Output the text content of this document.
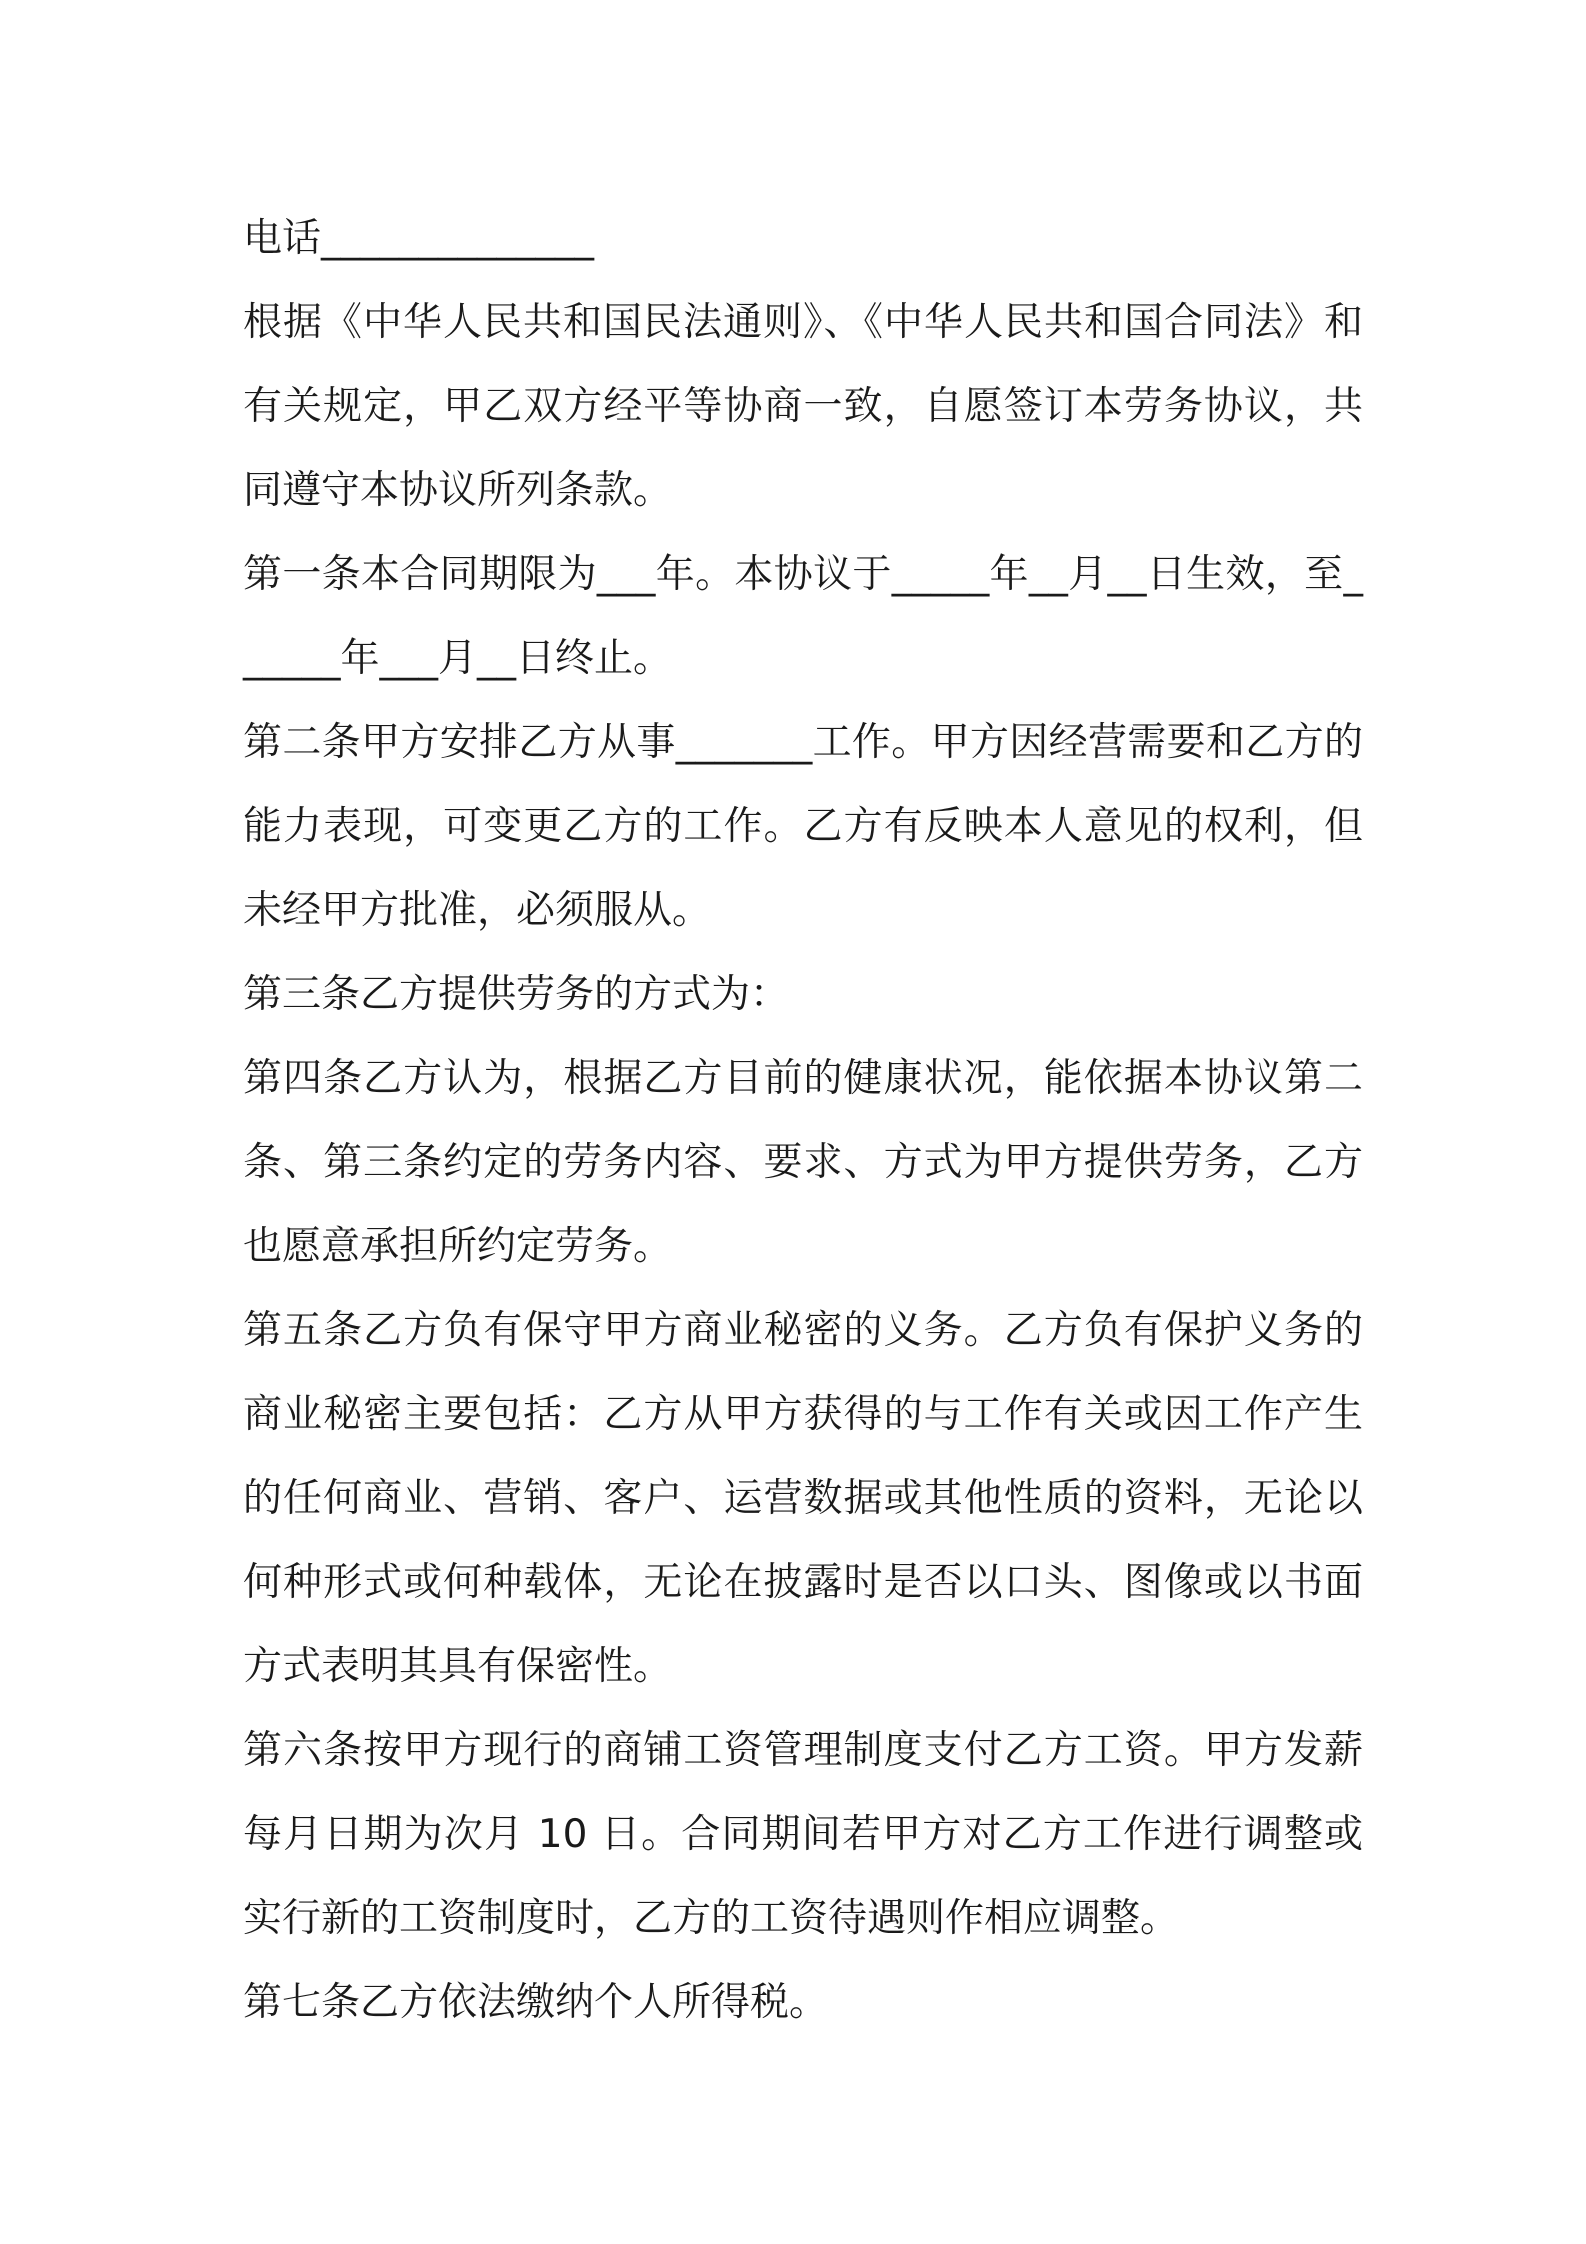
电话______________

根据《中华人民共和国民法通则》、《中华人民共和国合同法》和有关规定，甲乙双方经平等协商一致，自愿签订本劳务协议，共同遵守本协议所列条款。

第一条本合同期限为___年。本协议于_____年__月__日生效，至______年___月__日终止。

第二条甲方安排乙方从事_______工作。甲方因经营需要和乙方的能力表现，可变更乙方的工作。乙方有反映本人意见的权利，但未经甲方批准，必须服从。

第三条乙方提供劳务的方式为：

第四条乙方认为，根据乙方目前的健康状况，能依据本协议第二条、第三条约定的劳务内容、要求、方式为甲方提供劳务，乙方也愿意承担所约定劳务。

第五条乙方负有保守甲方商业秘密的义务。乙方负有保护义务的商业秘密主要包括：乙方从甲方获得的与工作有关或因工作产生的任何商业、营销、客户、运营数据或其他性质的资料，无论以何种形式或何种载体，无论在披露时是否以口头、图像或以书面方式表明其具有保密性。

第六条按甲方现行的商铺工资管理制度支付乙方工资。甲方发薪每月日期为次月 10 日。合同期间若甲方对乙方工作进行调整或实行新的工资制度时，乙方的工资待遇则作相应调整。

第七条乙方依法缴纳个人所得税。
